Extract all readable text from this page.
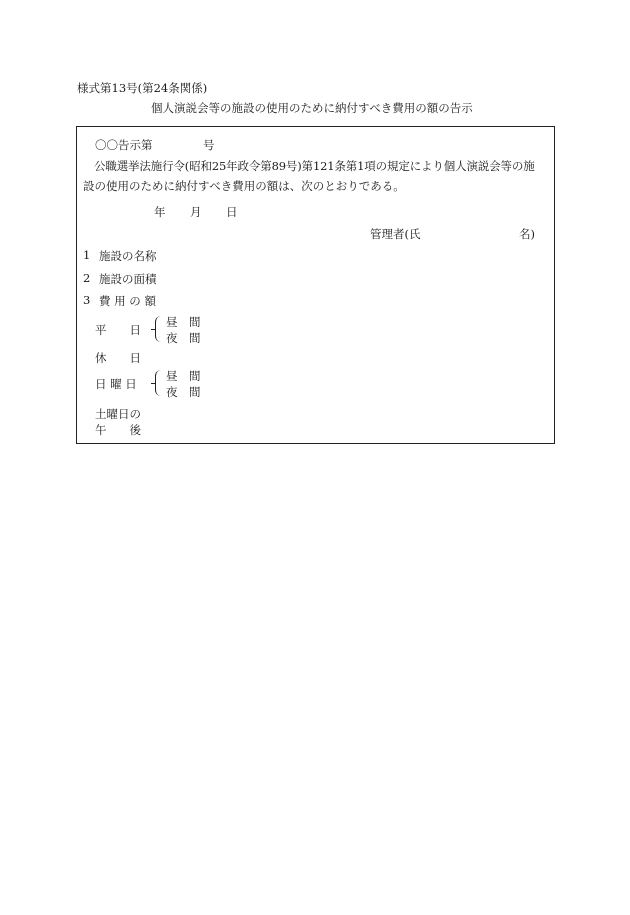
様式第13号(第24条関係)
個人演説会等の施設の使用のために納付すべき費用の額の告示
〇〇告示第	号
公職選挙法施行令(昭和25年政令第89号)第121条第1項の規定により個人演説会等の施
設の使用のために納付すべき費用の額は、次のとおりである。
年 月 日
管理者(氏	名)
1 施設の名称
2 施設の面積
3 費 用 の 額
平　　日
昼　間
夜　間
休　　日
日 曜 日
昼　間
夜　間
土曜日の
午　　後
